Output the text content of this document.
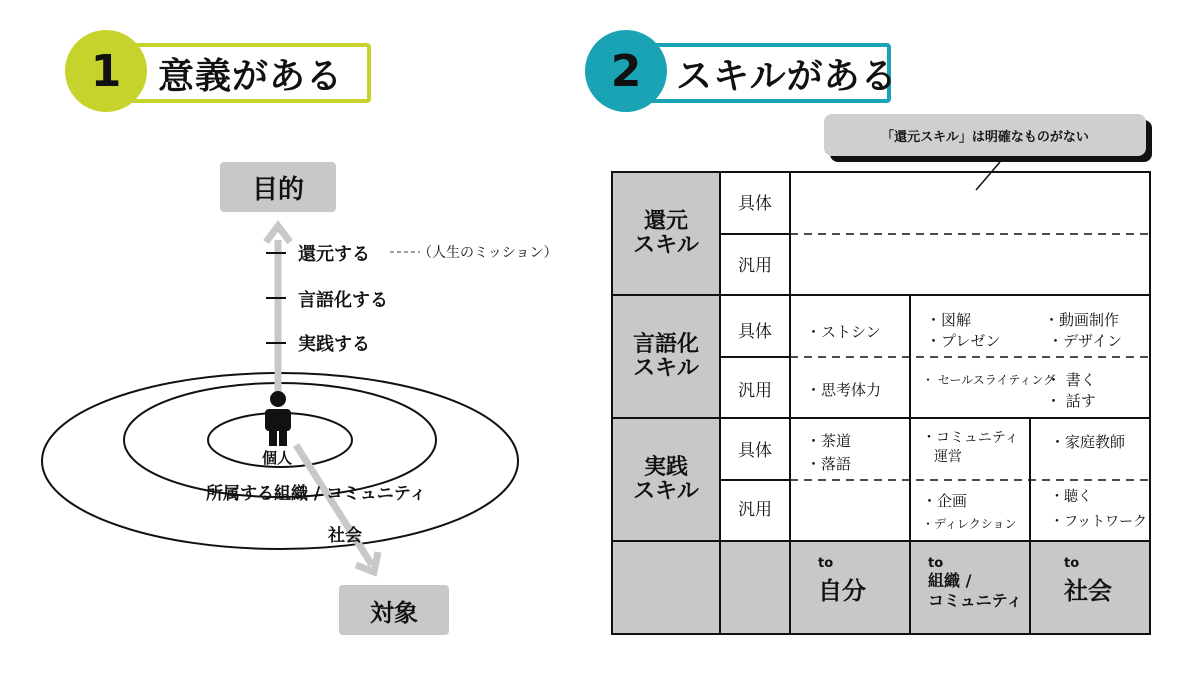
1 意義がある
目的
還元する	（人生のミッション）
言語化する
実践する
個人
所属する組織 / コミュニティ
社会
対象
2 スキルがある
「還元スキル」は明確なものがない
還元
スキル
言語化
スキル
実践
スキル
具体
汎用
具体
汎用
具体
汎用
・ストシン
・図解
・プレゼン
・動画制作
・デザイン
・思考体力
・ セールスライティング
・ 書く
・ 話す
・茶道
・落語
・コミュニティ
運営
・家庭教師
・企画
・ディレクション
・聴く
・フットワーク
to
自分
to
組織 /
コミュニティ
to
社会
